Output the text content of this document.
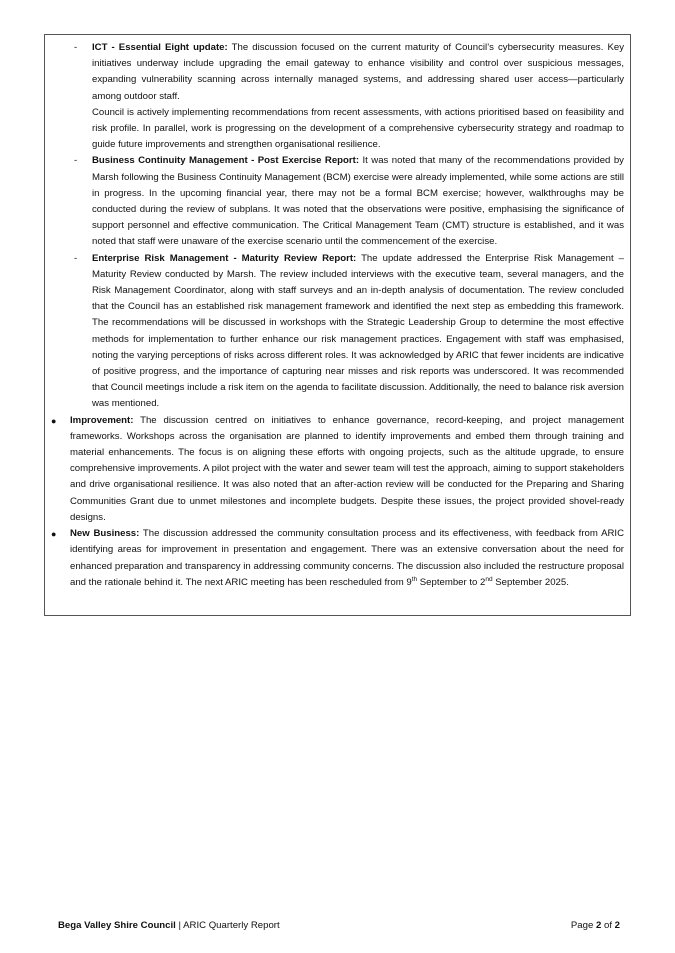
- ICT - Essential Eight update: The discussion focused on the current maturity of Council’s cybersecurity measures. Key initiatives underway include upgrading the email gateway to enhance visibility and control over suspicious messages, expanding vulnerability scanning across internally managed systems, and addressing shared user access—particularly among outdoor staff.

Council is actively implementing recommendations from recent assessments, with actions prioritised based on feasibility and risk profile. In parallel, work is progressing on the development of a comprehensive cybersecurity strategy and roadmap to guide future improvements and strengthen organisational resilience.

- Business Continuity Management - Post Exercise Report: It was noted that many of the recommendations provided by Marsh following the Business Continuity Management (BCM) exercise were already implemented, while some actions are still in progress. In the upcoming financial year, there may not be a formal BCM exercise; however, walkthroughs may be conducted during the review of subplans. It was noted that the observations were positive, emphasising the significance of support personnel and effective communication. The Critical Management Team (CMT) structure is established, and it was noted that staff were unaware of the exercise scenario until the commencement of the exercise.

- Enterprise Risk Management - Maturity Review Report: The update addressed the Enterprise Risk Management – Maturity Review conducted by Marsh. The review included interviews with the executive team, several managers, and the Risk Management Coordinator, along with staff surveys and an in-depth analysis of documentation. The review concluded that the Council has an established risk management framework and identified the next step as embedding this framework. The recommendations will be discussed in workshops with the Strategic Leadership Group to determine the most effective methods for implementation to further enhance our risk management practices. Engagement with staff was emphasised, noting the varying perceptions of risks across different roles. It was acknowledged by ARIC that fewer incidents are indicative of positive progress, and the importance of capturing near misses and risk reports was underscored. It was recommended that Council meetings include a risk item on the agenda to facilitate discussion. Additionally, the need to balance risk aversion was mentioned.

● Improvement: The discussion centred on initiatives to enhance governance, record-keeping, and project management frameworks. Workshops across the organisation are planned to identify improvements and embed them through training and material enhancements. The focus is on aligning these efforts with ongoing projects, such as the altitude upgrade, to ensure comprehensive improvements. A pilot project with the water and sewer team will test the approach, aiming to support stakeholders and drive organisational resilience. It was also noted that an after-action review will be conducted for the Preparing and Sharing Communities Grant due to unmet milestones and incomplete budgets. Despite these issues, the project provided shovel-ready designs.

● New Business: The discussion addressed the community consultation process and its effectiveness, with feedback from ARIC identifying areas for improvement in presentation and engagement. There was an extensive conversation about the need for enhanced preparation and transparency in addressing community concerns. The discussion also included the restructure proposal and the rationale behind it. The next ARIC meeting has been rescheduled from 9th September to 2nd September 2025.

Bega Valley Shire Council | ARIC Quarterly Report	Page 2 of 2
